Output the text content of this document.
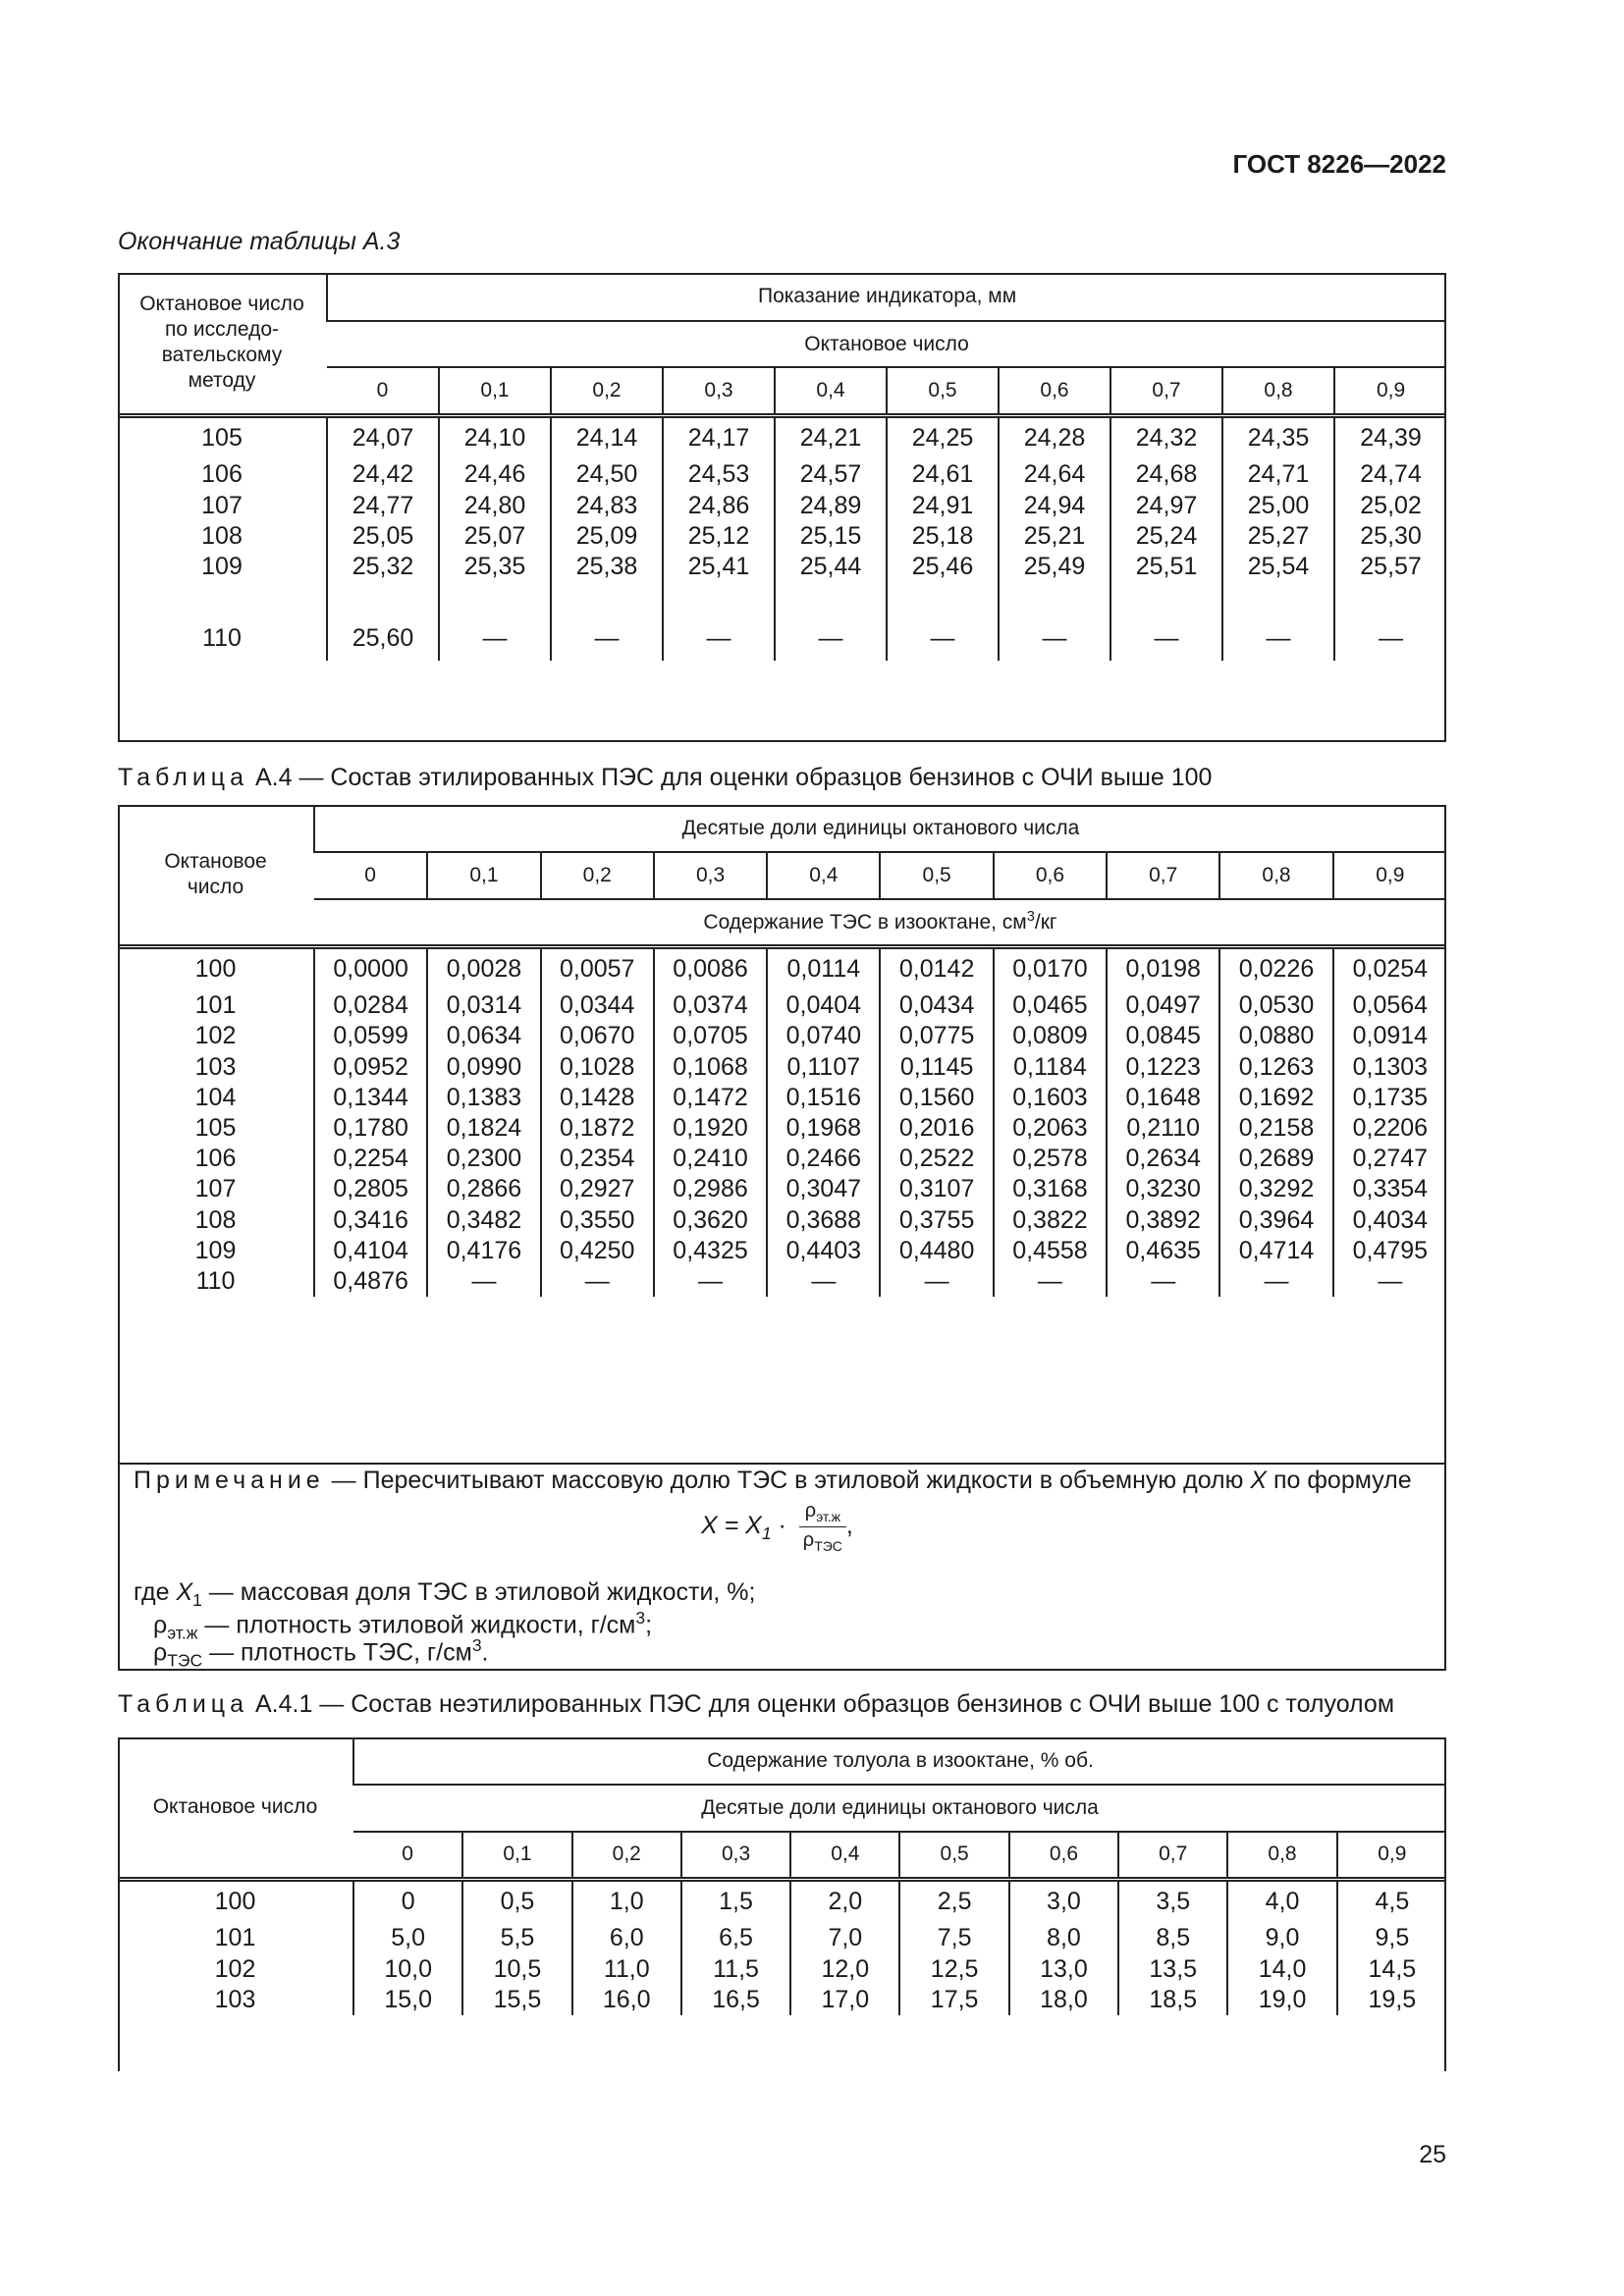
ГОСТ 8226—2022
Окончание таблицы А.3
Октановое число
по исследо-
вательскому
методу	Показание индикатора, мм									
	Октановое число									
	0	0,1	0,2	0,3	0,4	0,5	0,6	0,7	0,8	0,9
105	24,07	24,10	24,14	24,17	24,21	24,25	24,28	24,32	24,35	24,39
106	24,42	24,46	24,50	24,53	24,57	24,61	24,64	24,68	24,71	24,74
107	24,77	24,80	24,83	24,86	24,89	24,91	24,94	24,97	25,00	25,02
108	25,05	25,07	25,09	25,12	25,15	25,18	25,21	25,24	25,27	25,30
109	25,32	25,35	25,38	25,41	25,44	25,46	25,49	25,51	25,54	25,57
110	25,60	—	—	—	—	—	—	—	—	—
Таблица А.4 — Состав этилированных ПЭС для оценки образцов бензинов с ОЧИ выше 100
Октановое
число	Десятые доли единицы октанового числа									
	0	0,1	0,2	0,3	0,4	0,5	0,6	0,7	0,8	0,9
	Содержание ТЭС в изооктане, $см^3/кг$									
100	0,0000	0,0028	0,0057	0,0086	0,0114	0,0142	0,0170	0,0198	0,0226	0,0254
101	0,0284	0,0314	0,0344	0,0374	0,0404	0,0434	0,0465	0,0497	0,0530	0,0564
102	0,0599	0,0634	0,0670	0,0705	0,0740	0,0775	0,0809	0,0845	0,0880	0,0914
103	0,0952	0,0990	0,1028	0,1068	0,1107	0,1145	0,1184	0,1223	0,1263	0,1303
104	0,1344	0,1383	0,1428	0,1472	0,1516	0,1560	0,1603	0,1648	0,1692	0,1735
105	0,1780	0,1824	0,1872	0,1920	0,1968	0,2016	0,2063	0,2110	0,2158	0,2206
106	0,2254	0,2300	0,2354	0,2410	0,2466	0,2522	0,2578	0,2634	0,2689	0,2747
107	0,2805	0,2866	0,2927	0,2986	0,3047	0,3107	0,3168	0,3230	0,3292	0,3354
108	0,3416	0,3482	0,3550	0,3620	0,3688	0,3755	0,3822	0,3892	0,3964	0,4034
109	0,4104	0,4176	0,4250	0,4325	0,4403	0,4480	0,4558	0,4635	0,4714	0,4795
110	0,4876	—	—	—	—	—	—	—	—	—
Примечание — Пересчитывают массовую долю ТЭС в этиловой жидкости в объемную долю X по формуле
где $X_1$ — массовая доля ТЭС в этиловой жидкости, %;
$\rho_{эт.ж}$ — плотность этиловой жидкости, $г/см^3$;
$\rho_{ТЭС}$ — плотность ТЭС, $г/см^3$.
$X = X_1 \cdot \frac{\rho_{эт.ж}}{\rho_{ТЭС}}$ ,
Таблица А.4.1 — Состав неэтилированных ПЭС для оценки образцов бензинов с ОЧИ выше 100 с толуолом
Октановое число	Содержание толуола в изооктане, % об.									
	Десятые доли единицы октанового числа									
	0	0,1	0,2	0,3	0,4	0,5	0,6	0,7	0,8	0,9
100	0	0,5	1,0	1,5	2,0	2,5	3,0	3,5	4,0	4,5
101	5,0	5,5	6,0	6,5	7,0	7,5	8,0	8,5	9,0	9,5
102	10,0	10,5	11,0	11,5	12,0	12,5	13,0	13,5	14,0	14,5
103	15,0	15,5	16,0	16,5	17,0	17,5	18,0	18,5	19,0	19,5
25
